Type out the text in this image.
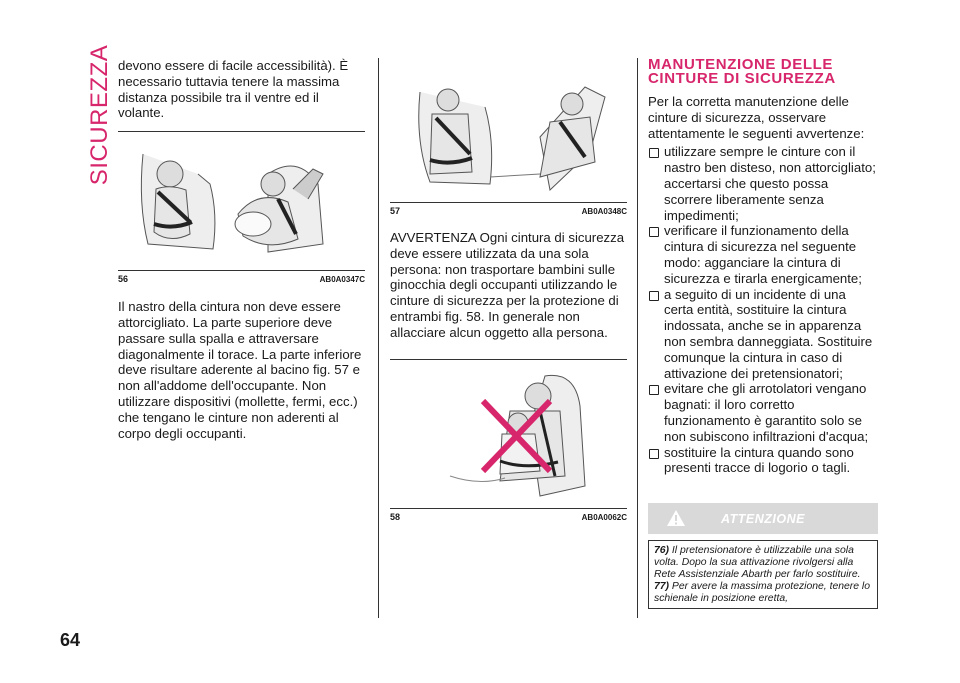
SICUREZZA
64

devono essere di facile accessibilità). È necessario tuttavia tenere la massima distanza possibile tra il ventre ed il volante.

56	AB0A0347C

Il nastro della cintura non deve essere attorcigliato. La parte superiore deve passare sulla spalla e attraversare diagonalmente il torace. La parte inferiore deve risultare aderente al bacino fig. 57 e non all'addome dell'occupante. Non utilizzare dispositivi (mollette, fermi, ecc.) che tengano le cinture non aderenti al corpo degli occupanti.

57	AB0A0348C

AVVERTENZA Ogni cintura di sicurezza deve essere utilizzata da una sola persona: non trasportare bambini sulle ginocchia degli occupanti utilizzando le cinture di sicurezza per la protezione di entrambi fig. 58. In generale non allacciare alcun oggetto alla persona.

58	AB0A0062C
MANUTENZIONE DELLE CINTURE DI SICUREZZA

Per la corretta manutenzione delle cinture di sicurezza, osservare attentamente le seguenti avvertenze:

utilizzare sempre le cinture con il nastro ben disteso, non attorcigliato; accertarsi che questo possa scorrere liberamente senza impedimenti;

verificare il funzionamento della cintura di sicurezza nel seguente modo: agganciare la cintura di sicurezza e tirarla energicamente;

a seguito di un incidente di una certa entità, sostituire la cintura indossata, anche se in apparenza non sembra danneggiata. Sostituire comunque la cintura in caso di attivazione dei pretensionatori;

evitare che gli arrotolatori vengano bagnati: il loro corretto funzionamento è garantito solo se non subiscono infiltrazioni d'acqua;

sostituire la cintura quando sono presenti tracce di logorio o tagli.

ATTENZIONE
76) Il pretensionatore è utilizzabile una sola volta. Dopo la sua attivazione rivolgersi alla Rete Assistenziale Abarth per farlo sostituire.
77) Per avere la massima protezione, tenere lo schienale in posizione eretta,
